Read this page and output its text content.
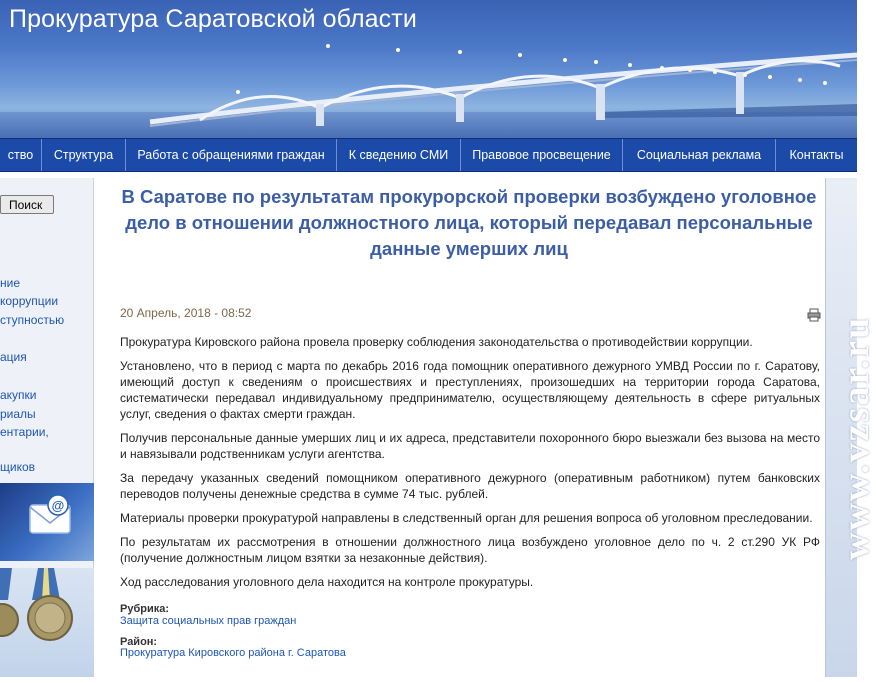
Прокуратура Саратовской области
ство	Структура	Работа с обращениями граждан	К сведению СМИ	Правовое просвещение	Социальная реклама	Контакты
Поиск
ние
коррупции
ступностью
ация
акупки
риалы
ентарии,
щиков
@
В Саратове по результатам прокурорской проверки возбуждено уголовное дело в отношении должностного лица, который передавал персональные данные умерших лиц
20 Апрель, 2018 - 08:52

Прокуратура Кировского района провела проверку соблюдения законодательства о противодействии коррупции.

Установлено, что в период с марта по декабрь 2016 года помощник оперативного дежурного УМВД России по г. Саратову, имеющий доступ к сведениям о происшествиях и преступлениях, произошедших на территории города Саратова, систематически передавал индивидуальному предпринимателю, осуществляющему деятельность в сфере ритуальных услуг, сведения о фактах смерти граждан.

Получив персональные данные умерших лиц и их адреса, представители похоронного бюро выезжали без вызова на место и навязывали родственникам услуги агентства.

За передачу указанных сведений помощником оперативного дежурного (оперативным работником) путем банковских переводов получены денежные средства в сумме 74 тыс. рублей.

Материалы проверки прокуратурой направлены в следственный орган для решения вопроса об уголовном преследовании.

По результатам их рассмотрения в отношении должностного лица возбуждено уголовное дело по ч. 2 ст.290 УК РФ (получение должностным лицом взятки за незаконные действия).

Ход расследования уголовного дела находится на контроле прокуратуры.

Рубрика:
Защита социальных прав граждан
Район:
Прокуратура Кировского района г. Саратова
www.vzsar.ru
